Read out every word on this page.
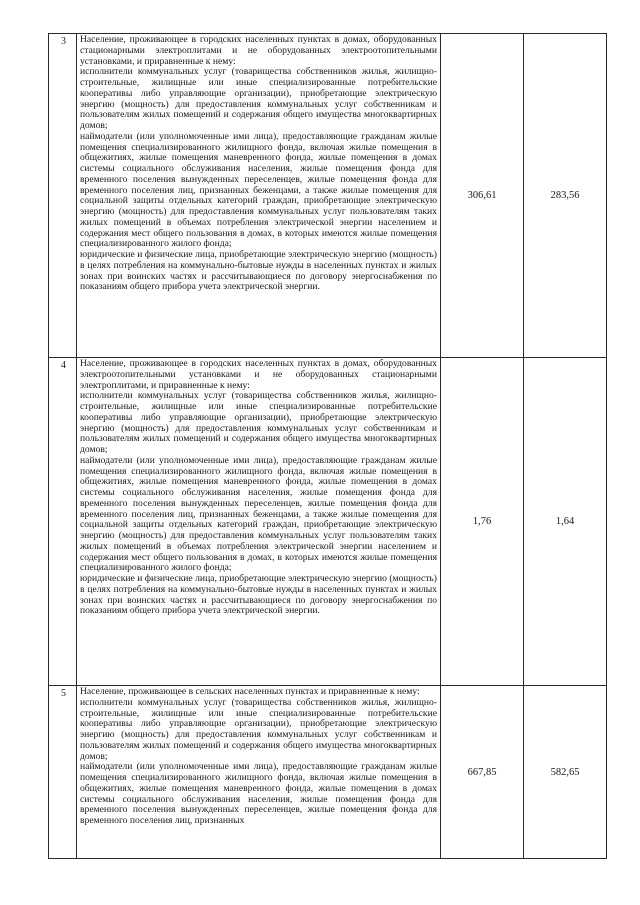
3	Население, проживающее в городских населенных пунктах в домах, оборудованных стационарными электроплитами и не оборудованных электроотопительными установками, и приравненные к нему:

исполнители коммунальных услуг (товарищества собственников жилья, жилищно-строительные, жилищные или иные специализированные потребительские кооперативы либо управляющие организации), приобретающие электрическую энергию (мощность) для предоставления коммунальных услуг собственникам и пользователям жилых помещений и содержания общего имущества многоквартирных домов;

наймодатели (или уполномоченные ими лица), предоставляющие гражданам жилые помещения специализированного жилищного фонда, включая жилые помещения в общежитиях, жилые помещения маневренного фонда, жилые помещения в домах системы социального обслуживания населения, жилые помещения фонда для временного поселения вынужденных переселенцев, жилые помещения фонда для временного поселения лиц, признанных беженцами, а также жилые помещения для социальной защиты отдельных категорий граждан, приобретающие электрическую энергию (мощность) для предоставления коммунальных услуг пользователям таких жилых помещений в объемах потребления электрической энергии населением и содержания мест общего пользования в домах, в которых имеются жилые помещения специализированного жилого фонда;

юридические и физические лица, приобретающие электрическую энергию (мощность) в целях потребления на коммунально-бытовые нужды в населенных пунктах и жилых зонах при воинских частях и рассчитывающиеся по договору энергоснабжения по показаниям общего прибора учета электрической энергии.	306,61	283,56
4	Население, проживающее в городских населенных пунктах в домах, оборудованных электроотопительными установками и не оборудованных стационарными электроплитами, и приравненные к нему:

исполнители коммунальных услуг (товарищества собственников жилья, жилищно-строительные, жилищные или иные специализированные потребительские кооперативы либо управляющие организации), приобретающие электрическую энергию (мощность) для предоставления коммунальных услуг собственникам и пользователям жилых помещений и содержания общего имущества многоквартирных домов;

наймодатели (или уполномоченные ими лица), предоставляющие гражданам жилые помещения специализированного жилищного фонда, включая жилые помещения в общежитиях, жилые помещения маневренного фонда, жилые помещения в домах системы социального обслуживания населения, жилые помещения фонда для временного поселения вынужденных переселенцев, жилые помещения фонда для временного поселения лиц, признанных беженцами, а также жилые помещения для социальной защиты отдельных категорий граждан, приобретающие электрическую энергию (мощность) для предоставления коммунальных услуг пользователям таких жилых помещений в объемах потребления электрической энергии населением и содержания мест общего пользования в домах, в которых имеются жилые помещения специализированного жилого фонда;

юридические и физические лица, приобретающие электрическую энергию (мощность) в целях потребления на коммунально-бытовые нужды в населенных пунктах и жилых зонах при воинских частях и рассчитывающиеся по договору энергоснабжения по показаниям общего прибора учета электрической энергии.	1,76	1,64
5	Население, проживающее в сельских населенных пунктах и приравненные к нему:

исполнители коммунальных услуг (товарищества собственников жилья, жилищно-строительные, жилищные или иные специализированные потребительские кооперативы либо управляющие организации), приобретающие электрическую энергию (мощность) для предоставления коммунальных услуг собственникам и пользователям жилых помещений и содержания общего имущества многоквартирных домов;

наймодатели (или уполномоченные ими лица), предоставляющие гражданам жилые помещения специализированного жилищного фонда, включая жилые помещения в общежитиях, жилые помещения маневренного фонда, жилые помещения в домах системы социального обслуживания населения, жилые помещения фонда для временного поселения вынужденных переселенцев, жилые помещения фонда для временного поселения лиц, признанных	667,85	582,65
